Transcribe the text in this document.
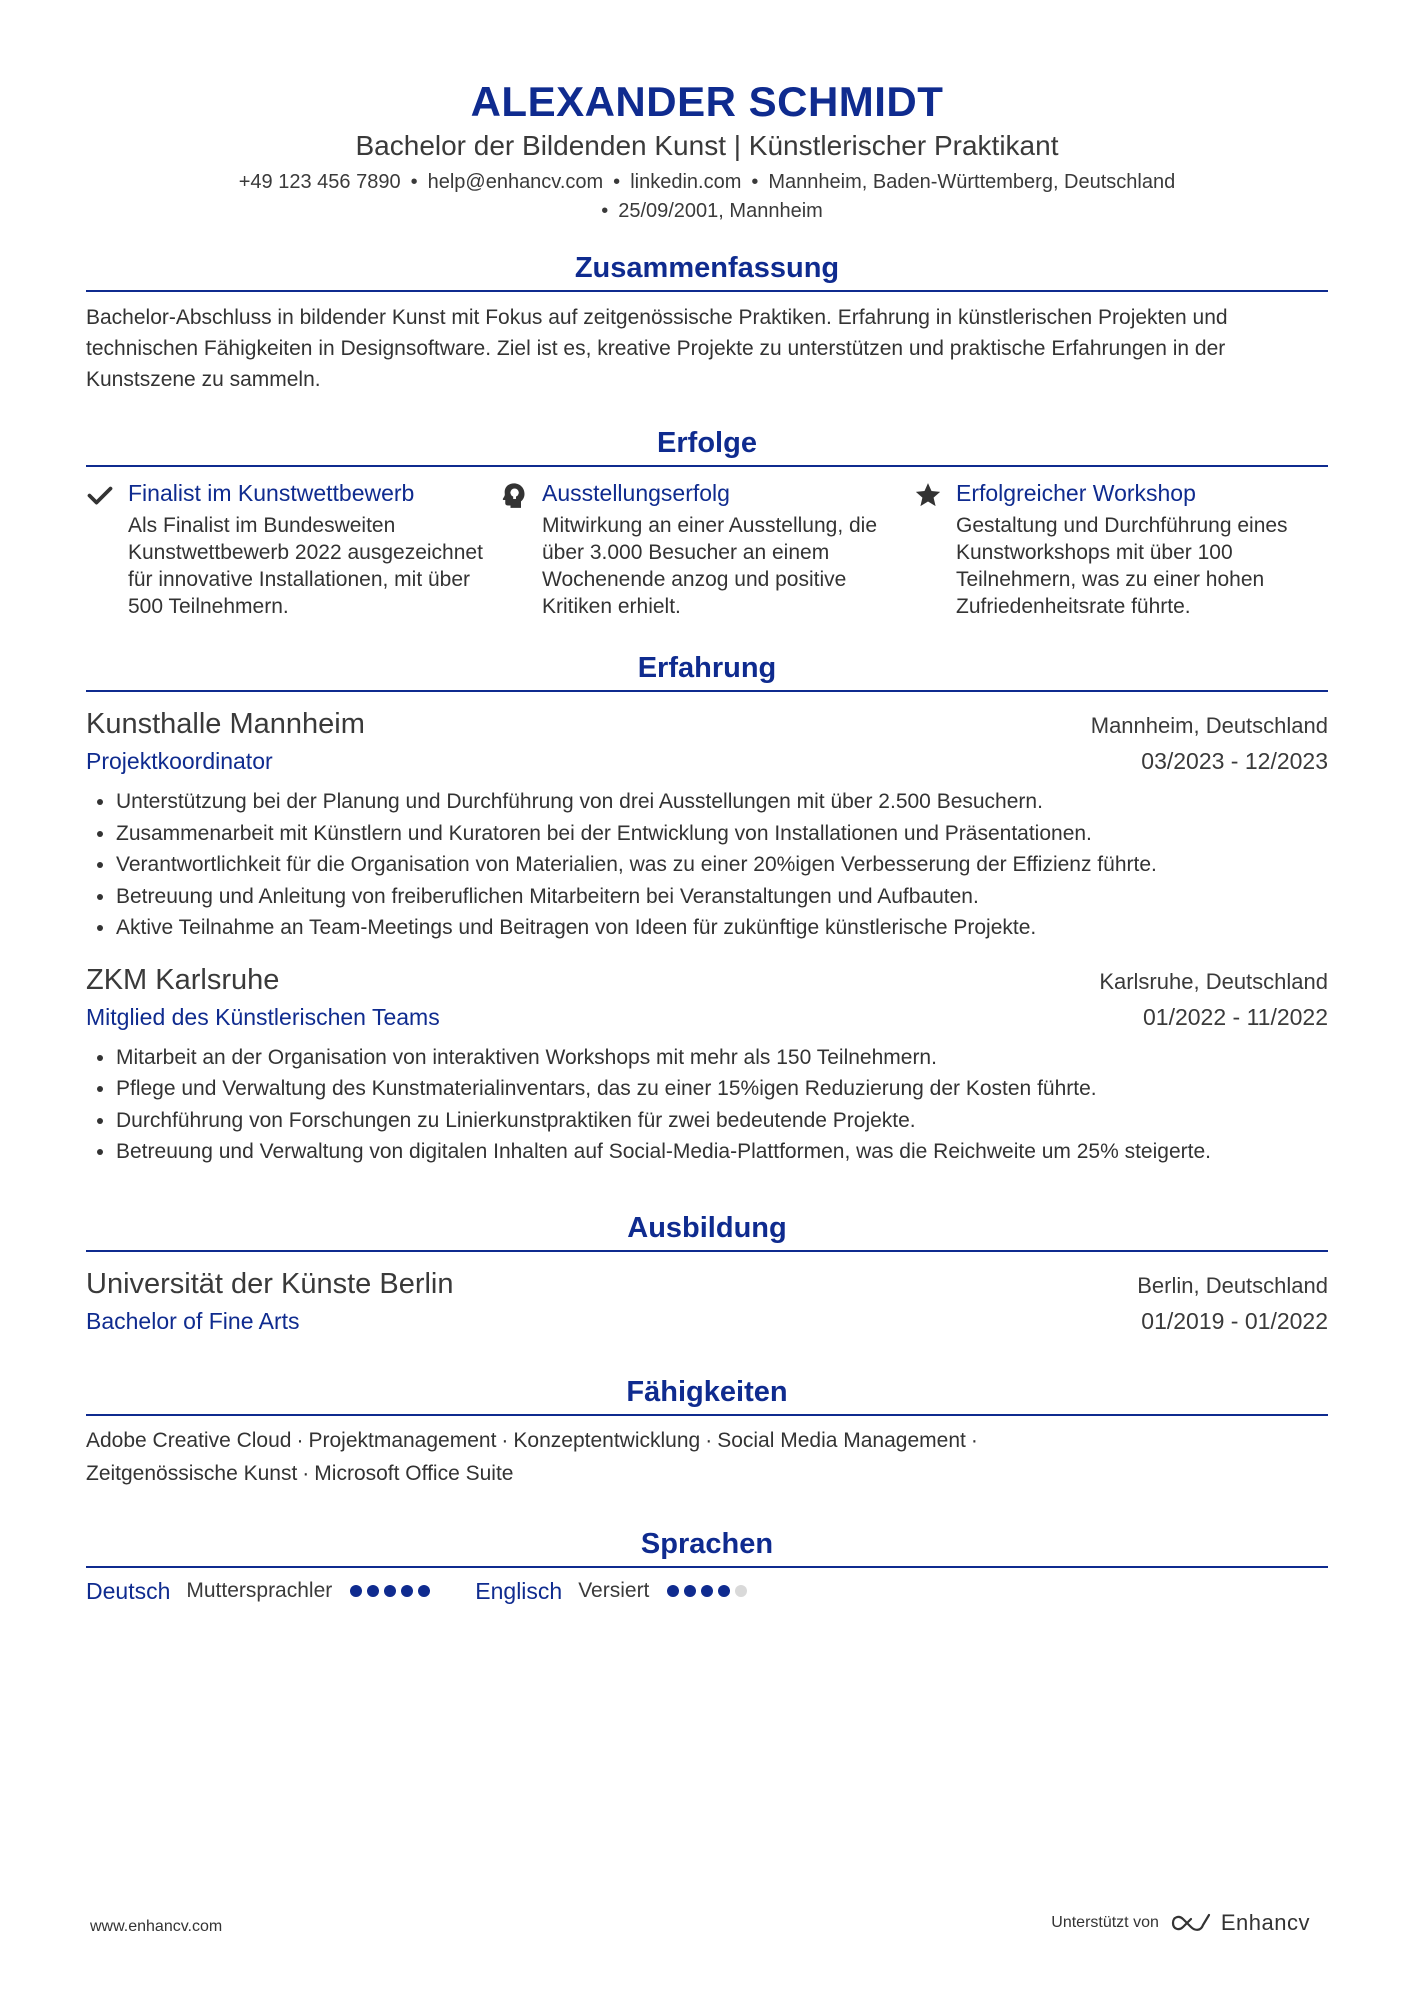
ALEXANDER SCHMIDT
Bachelor der Bildenden Kunst | Künstlerischer Praktikant
+49 123 456 7890 • help@enhancv.com • linkedin.com • Mannheim, Baden-Württemberg, Deutschland
• 25/09/2001, Mannheim
Zusammenfassung
Bachelor-Abschluss in bildender Kunst mit Fokus auf zeitgenössische Praktiken. Erfahrung in künstlerischen Projekten und technischen Fähigkeiten in Designsoftware. Ziel ist es, kreative Projekte zu unterstützen und praktische Erfahrungen in der Kunstszene zu sammeln.
Erfolge
Finalist im Kunstwettbewerb
Als Finalist im Bundesweiten Kunstwettbewerb 2022 ausgezeichnet für innovative Installationen, mit über 500 Teilnehmern.
Ausstellungserfolg
Mitwirkung an einer Ausstellung, die über 3.000 Besucher an einem Wochenende anzog und positive Kritiken erhielt.
Erfolgreicher Workshop
Gestaltung und Durchführung eines Kunstworkshops mit über 100 Teilnehmern, was zu einer hohen Zufriedenheitsrate führte.
Erfahrung
Kunsthalle Mannheim	Mannheim, Deutschland
Projektkoordinator	03/2023 - 12/2023
• Unterstützung bei der Planung und Durchführung von drei Ausstellungen mit über 2.500 Besuchern.
• Zusammenarbeit mit Künstlern und Kuratoren bei der Entwicklung von Installationen und Präsentationen.
• Verantwortlichkeit für die Organisation von Materialien, was zu einer 20%igen Verbesserung der Effizienz führte.
• Betreuung und Anleitung von freiberuflichen Mitarbeitern bei Veranstaltungen und Aufbauten.
• Aktive Teilnahme an Team-Meetings und Beitragen von Ideen für zukünftige künstlerische Projekte.
ZKM Karlsruhe	Karlsruhe, Deutschland
Mitglied des Künstlerischen Teams	01/2022 - 11/2022
• Mitarbeit an der Organisation von interaktiven Workshops mit mehr als 150 Teilnehmern.
• Pflege und Verwaltung des Kunstmaterialinventars, das zu einer 15%igen Reduzierung der Kosten führte.
• Durchführung von Forschungen zu Linierkunstpraktiken für zwei bedeutende Projekte.
• Betreuung und Verwaltung von digitalen Inhalten auf Social-Media-Plattformen, was die Reichweite um 25% steigerte.
Ausbildung
Universität der Künste Berlin	Berlin, Deutschland
Bachelor of Fine Arts	01/2019 - 01/2022
Fähigkeiten
Adobe Creative Cloud · Projektmanagement · Konzeptentwicklung · Social Media Management ·
Zeitgenössische Kunst · Microsoft Office Suite
Sprachen
Deutsch Muttersprachler	Englisch Versiert
www.enhancv.com	Unterstützt von	Enhancv
